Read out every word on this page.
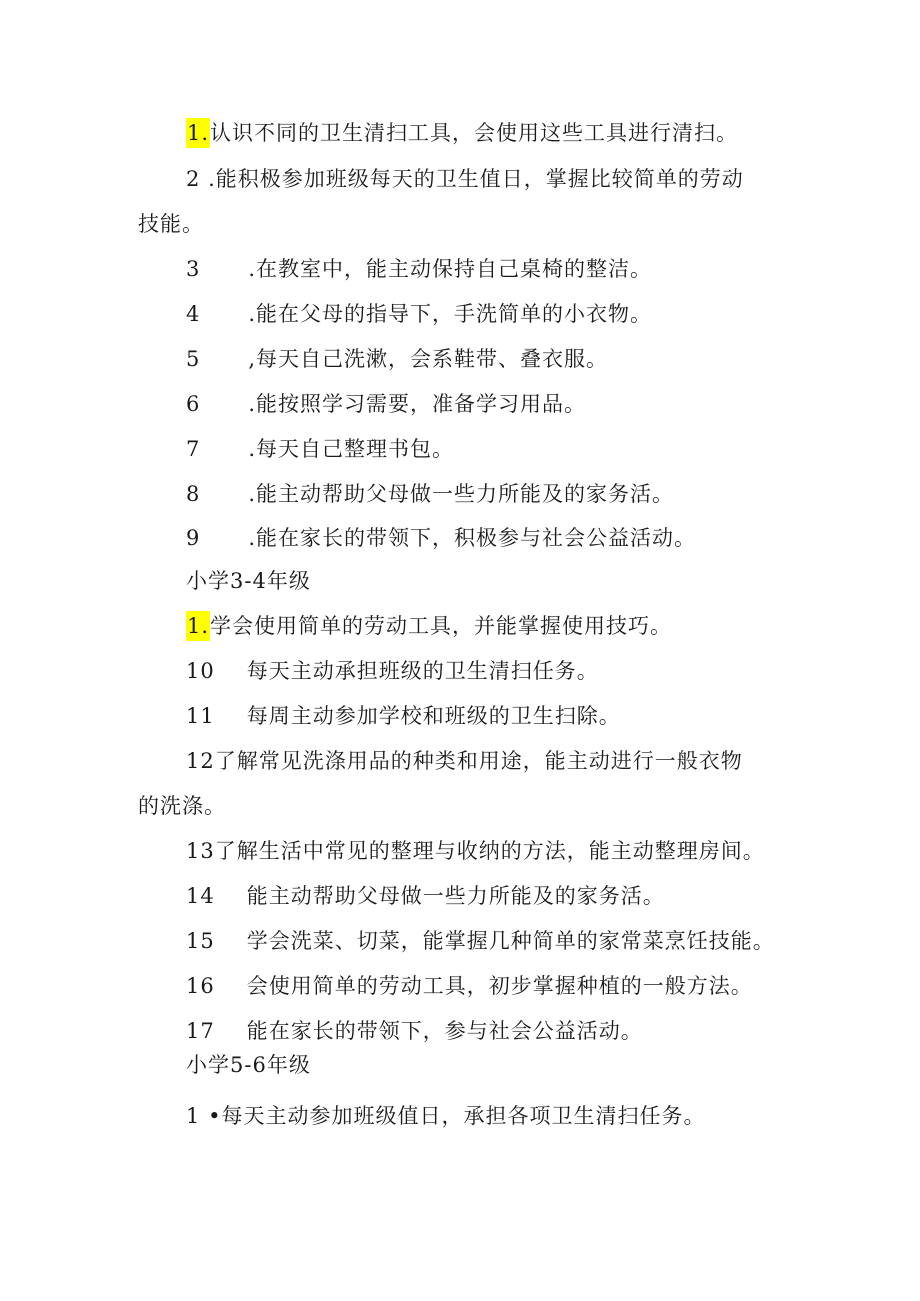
1.认识不同的卫生清扫工具，会使用这些工具进行清扫。
2 .能积极参加班级每天的卫生值日，掌握比较简单的劳动
技能。
3 .在教室中，能主动保持自己桌椅的整洁。
4 .能在父母的指导下，手洗简单的小衣物。
5 ,每天自己洗漱，会系鞋带、叠衣服。
6 .能按照学习需要，准备学习用品。
7 .每天自己整理书包。
8 .能主动帮助父母做一些力所能及的家务活。
9 .能在家长的带领下，积极参与社会公益活动。
小学3-4年级
1.学会使用简单的劳动工具，并能掌握使用技巧。
10 每天主动承担班级的卫生清扫任务。
11 每周主动参加学校和班级的卫生扫除。
12了解常见洗涤用品的种类和用途，能主动进行一般衣物
的洗涤。
13了解生活中常见的整理与收纳的方法，能主动整理房间。
14 能主动帮助父母做一些力所能及的家务活。
15 学会洗菜、切菜，能掌握几种简单的家常菜烹饪技能。
16 会使用简单的劳动工具，初步掌握种植的一般方法。
17 能在家长的带领下，参与社会公益活动。
小学5-6年级
1 •每天主动参加班级值日，承担各项卫生清扫任务。
